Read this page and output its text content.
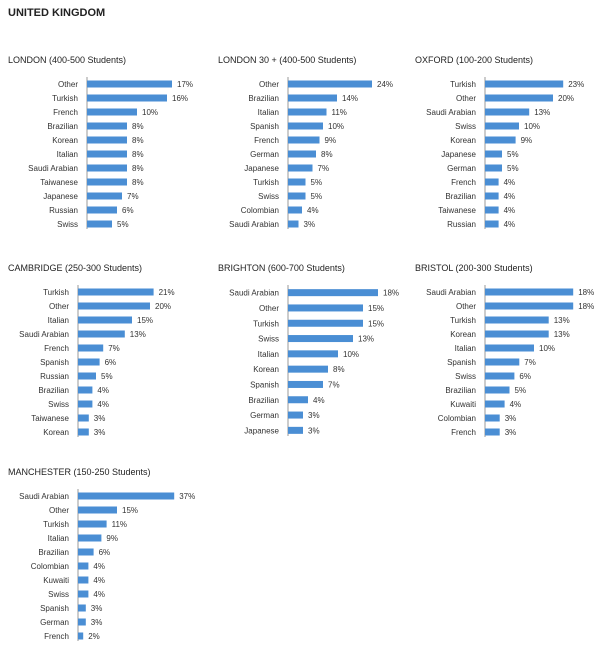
UNITED KINGDOM
LONDON (400-500 Students)
Other	17%
Turkish	16%
French	10%
Brazilian	8%
Korean	8%
Italian	8%
Saudi Arabian	8%
Taiwanese	8%
Japanese	7%
Russian	6%
Swiss	5%
LONDON 30 + (400-500 Students)
Other	24%
Brazilian	14%
Italian	11%
Spanish	10%
French	9%
German	8%
Japanese	7%
Turkish	5%
Swiss	5%
Colombian	4%
Saudi Arabian	3%
OXFORD (100-200 Students)
Turkish	23%
Other	20%
Saudi Arabian	13%
Swiss	10%
Korean	9%
Japanese	5%
German	5%
French	4%
Brazilian	4%
Taiwanese	4%
Russian	4%
CAMBRIDGE (250-300 Students)
Turkish	21%
Other	20%
Italian	15%
Saudi Arabian	13%
French	7%
Spanish	6%
Russian	5%
Brazilian	4%
Swiss	4%
Taiwanese	3%
Korean	3%
BRIGHTON (600-700 Students)
Saudi Arabian	18%
Other	15%
Turkish	15%
Swiss	13%
Italian	10%
Korean	8%
Spanish	7%
Brazilian	4%
German	3%
Japanese	3%
BRISTOL (200-300 Students)
Saudi Arabian	18%
Other	18%
Turkish	13%
Korean	13%
Italian	10%
Spanish	7%
Swiss	6%
Brazilian	5%
Kuwaiti	4%
Colombian	3%
French	3%
MANCHESTER (150-250 Students)
Saudi Arabian	37%
Other	15%
Turkish	11%
Italian	9%
Brazilian	6%
Colombian	4%
Kuwaiti	4%
Swiss	4%
Spanish	3%
German	3%
French 2%
